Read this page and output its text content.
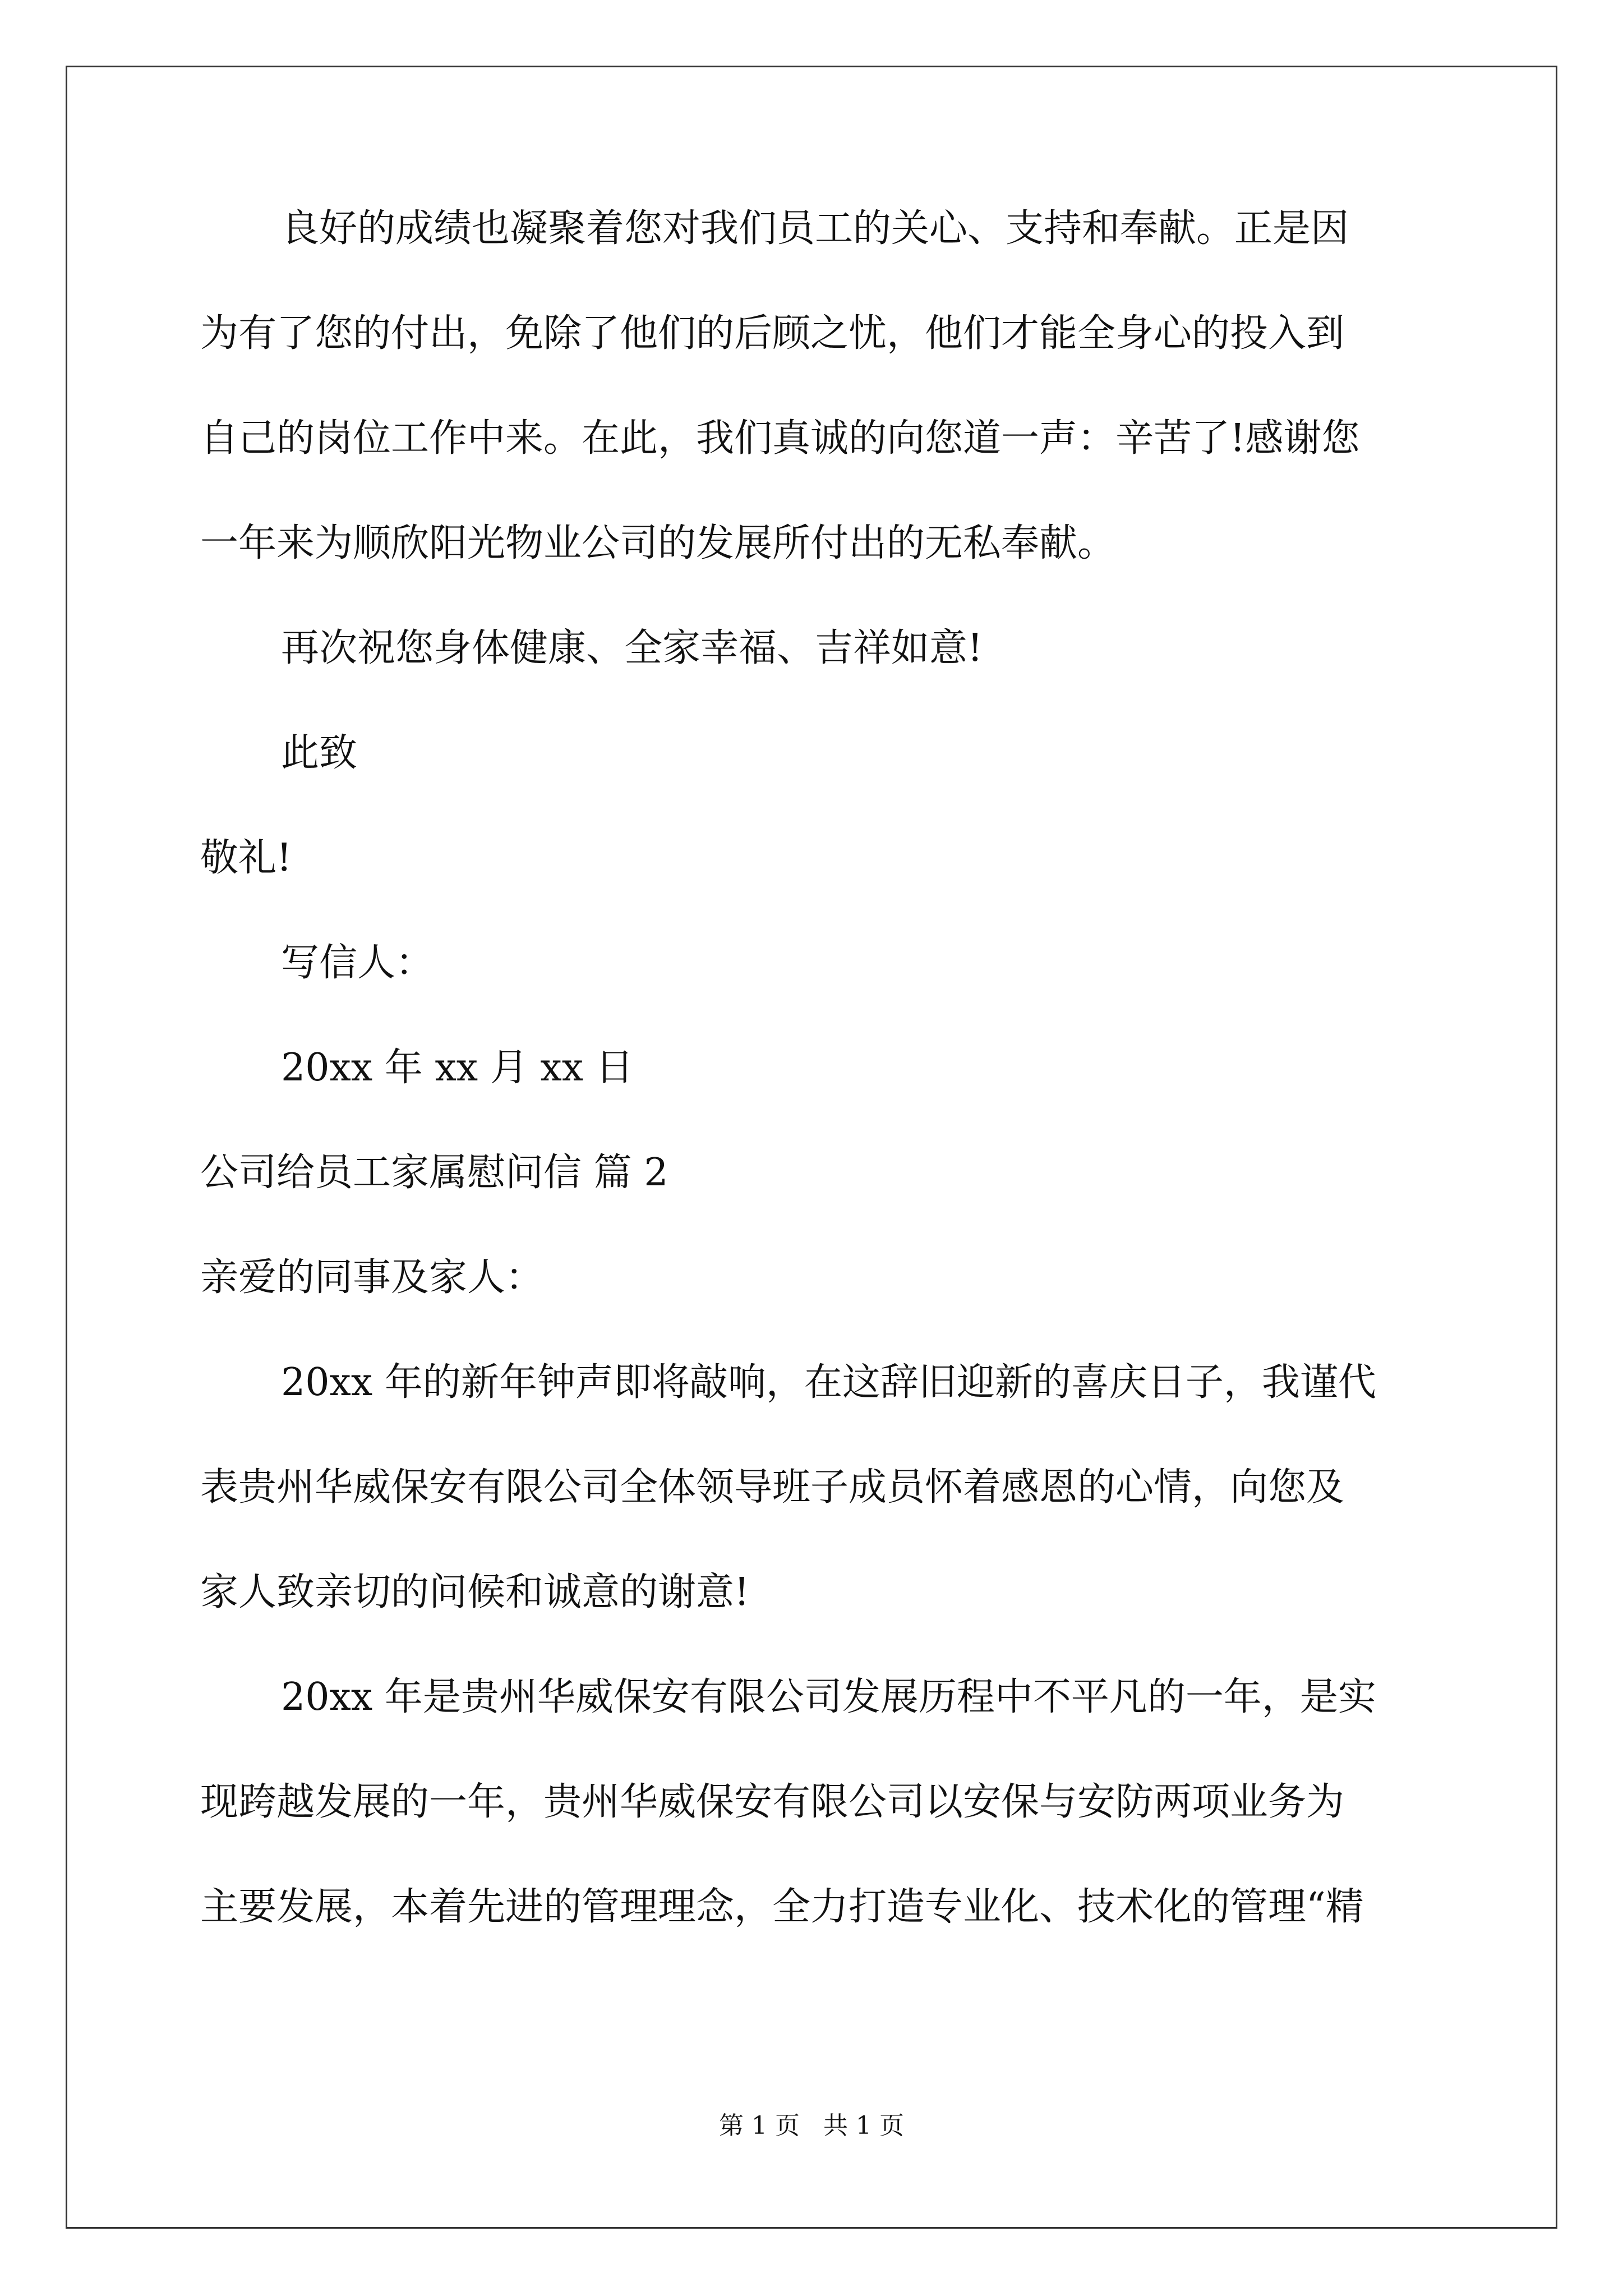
良好的成绩也凝聚着您对我们员工的关心、支持和奉献。正是因
为有了您的付出，免除了他们的后顾之忧，他们才能全身心的投入到
自己的岗位工作中来。在此，我们真诚的向您道一声：辛苦了!感谢您
一年来为顺欣阳光物业公司的发展所付出的无私奉献。
再次祝您身体健康、全家幸福、吉祥如意!
此致
敬礼!
写信人：
20xx 年 xx 月 xx 日
公司给员工家属慰问信 篇 2
亲爱的同事及家人：
20xx 年的新年钟声即将敲响，在这辞旧迎新的喜庆日子，我谨代
表贵州华威保安有限公司全体领导班子成员怀着感恩的心情，向您及
家人致亲切的问候和诚意的谢意!
20xx 年是贵州华威保安有限公司发展历程中不平凡的一年，是实
现跨越发展的一年，贵州华威保安有限公司以安保与安防两项业务为
主要发展，本着先进的管理理念，全力打造专业化、技术化的管理“精
第 1 页   共 1 页
